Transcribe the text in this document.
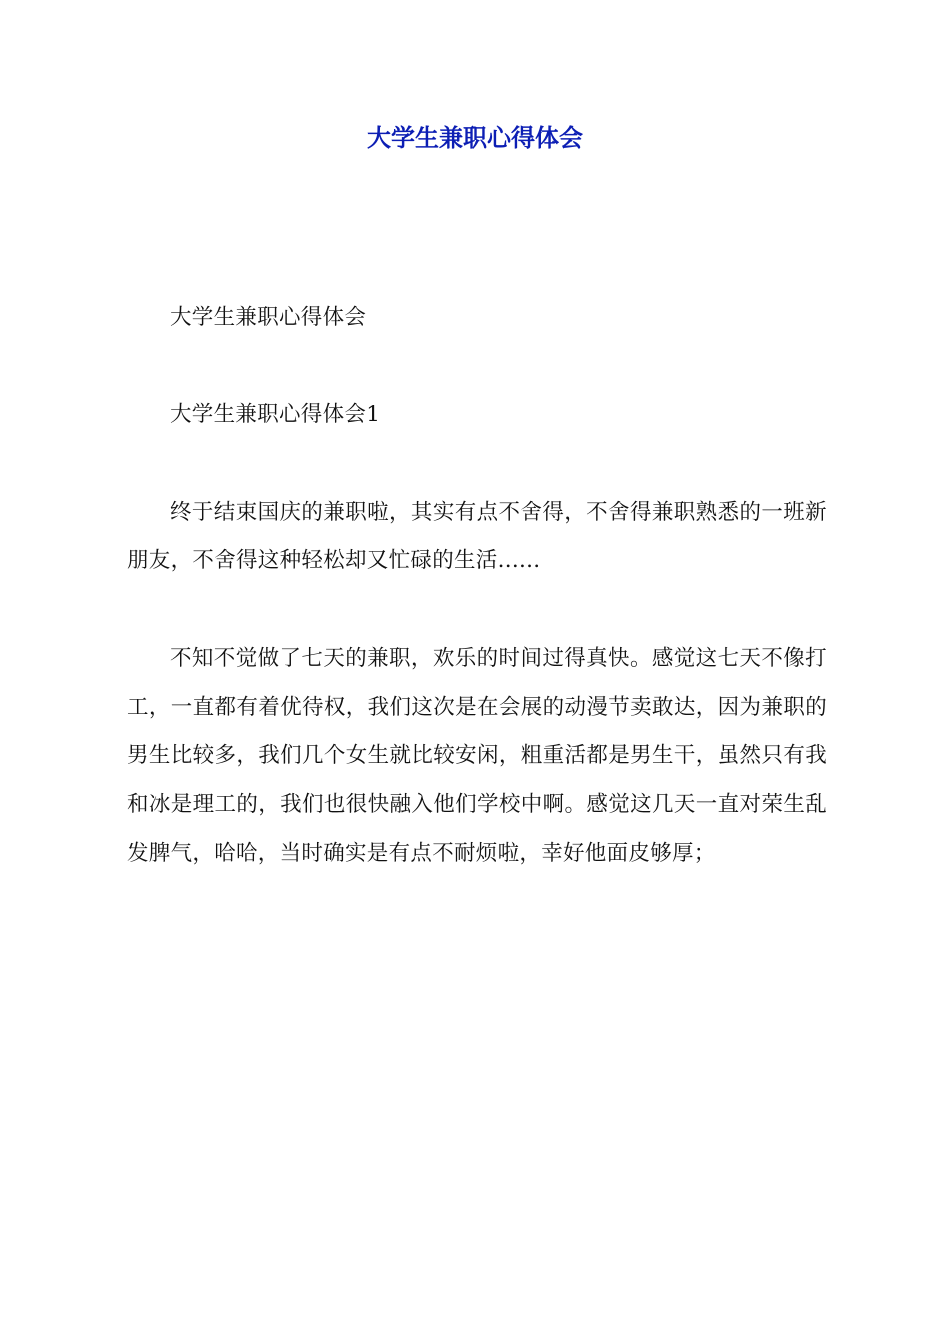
大学生兼职心得体会

大学生兼职心得体会

大学生兼职心得体会1

终于结束国庆的兼职啦，其实有点不舍得，不舍得兼职熟悉的一班新朋友，不舍得这种轻松却又忙碌的生活......

不知不觉做了七天的兼职，欢乐的时间过得真快。感觉这七天不像打工，一直都有着优待权，我们这次是在会展的动漫节卖敢达，因为兼职的男生比较多，我们几个女生就比较安闲，粗重活都是男生干，虽然只有我和冰是理工的，我们也很快融入他们学校中啊。感觉这几天一直对荣生乱发脾气，哈哈，当时确实是有点不耐烦啦，幸好他面皮够厚；
